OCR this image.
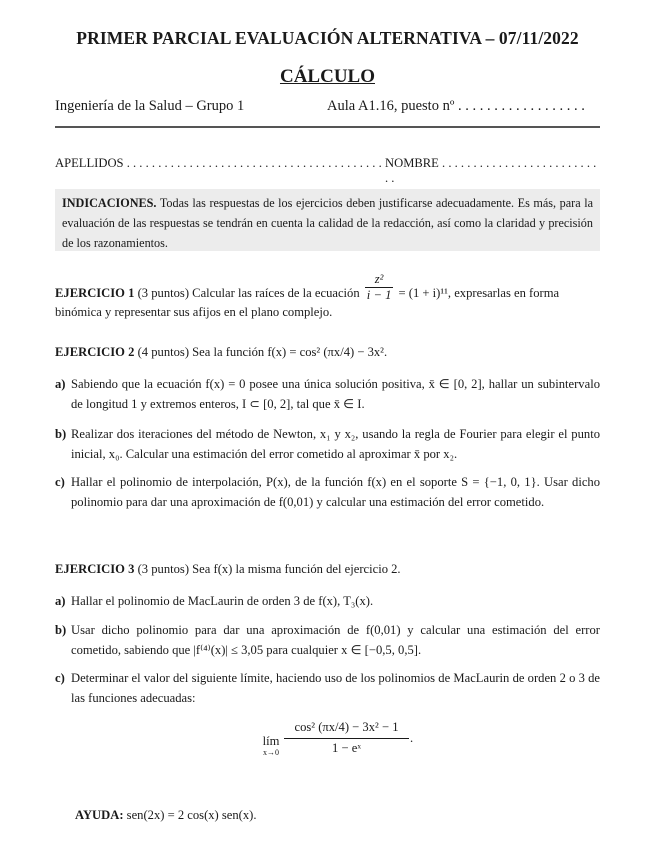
PRIMER PARCIAL EVALUACIÓN ALTERNATIVA – 07/11/2022
CÁLCULO
Ingeniería de la Salud – Grupo 1	Aula A1.16, puesto nº . . . . . . . . . . . . . . . . . .
APELLIDOS . . . . . . . . . . . . . . . . . . . . . . . . . . . . . . . . . . . . . . . . . NOMBRE . . . . . . . . . . . . . . . . . . . . . . . . . . .

INDICACIONES. Todas las respuestas de los ejercicios deben justificarse adecuadamente. Es más, para la evaluación de las respuestas se tendrán en cuenta la calidad de la redacción, así como la claridad y precisión de los razonamientos.

EJERCICIO 1 (3 puntos) Calcular las raíces de la ecuación $\frac{\text{z²}}{i - 1} = (1 + i)^{11}$, expresarlas en forma binómica y representar sus afijos en el plano complejo.
EJERCICIO 2 (4 puntos) Sea la función f(x) = cos² (πx/4) − 3x².
a) Sabiendo que la ecuación f(x) = 0 posee una única solución positiva, x̄ ∈ [0, 2], hallar un subintervalo de longitud 1 y extremos enteros, I ⊂ [0, 2], tal que x̄ ∈ I.
b) Realizar dos iteraciones del método de Newton, x₁ y x₂, usando la regla de Fourier para elegir el punto inicial, x₀. Calcular una estimación del error cometido al aproximar x̄ por x₂.
c) Hallar el polinomio de interpolación, P(x), de la función f(x) en el soporte S = {−1, 0, 1}. Usar dicho polinomio para dar una aproximación de f(0,01) y calcular una estimación del error cometido.
EJERCICIO 3 (3 puntos) Sea f(x) la misma función del ejercicio 2.
a) Hallar el polinomio de MacLaurin de orden 3 de f(x), T₃(x).
b) Usar dicho polinomio para dar una aproximación de f(0,01) y calcular una estimación del error cometido, sabiendo que |f⁽⁴⁾(x)| ≤ 3,05 para cualquier x ∈ [−0,5, 0,5].
c) Determinar el valor del siguiente límite, haciendo uso de los polinomios de MacLaurin de orden 2 o 3 de las funciones adecuadas:
lím
$x\to 0 \frac{\text{cos² (πx/4) − 3x² − 1}}{\text{1 − eˣ}}$ .
AYUDA: sen(2x) = 2 cos(x) sen(x).
